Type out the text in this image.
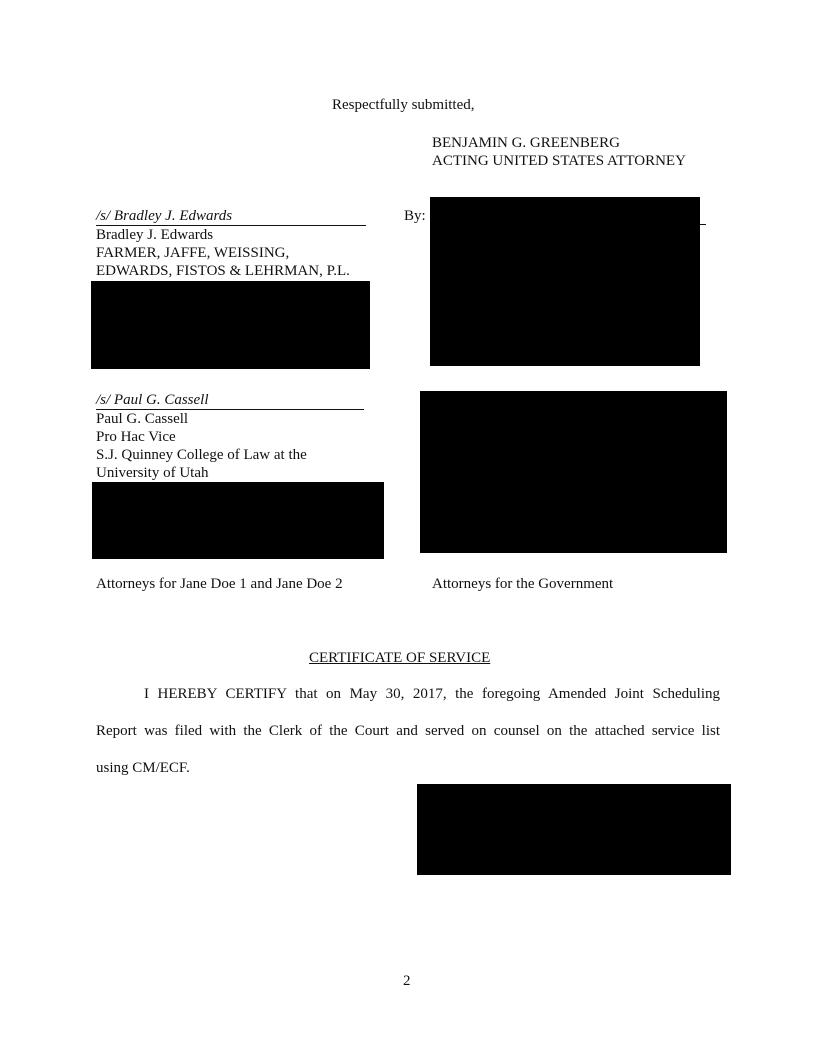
Respectfully submitted,
BENJAMIN G. GREENBERG
ACTING UNITED STATES ATTORNEY
/s/ Bradley J. Edwards
Bradley J. Edwards
FARMER, JAFFE, WEISSING,
EDWARDS, FISTOS & LEHRMAN, P.L.
By:
/s/ Paul G. Cassell
Paul G. Cassell
Pro Hac Vice
S.J. Quinney College of Law at the
University of Utah
Attorneys for Jane Doe 1 and Jane Doe 2	Attorneys for the Government
CERTIFICATE OF SERVICE
I HEREBY CERTIFY that on May 30, 2017, the foregoing Amended Joint Scheduling
Report was filed with the Clerk of the Court and served on counsel on the attached service list
using CM/ECF.
2
